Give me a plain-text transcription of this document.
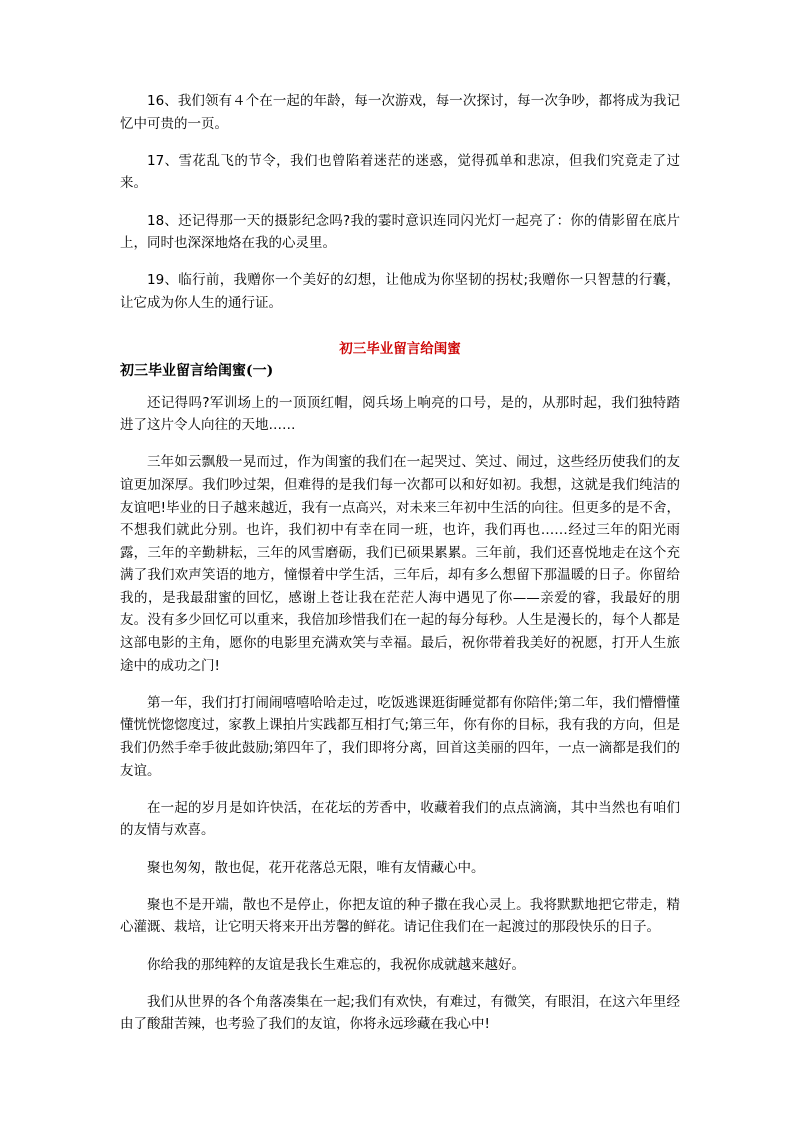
16、我们领有４个在一起的年龄，每一次游戏，每一次探讨，每一次争吵，都将成为我记忆中可贵的一页。

17、雪花乱飞的节令，我们也曾陷着迷茫的迷惑，觉得孤单和悲凉，但我们究竟走了过来。

18、还记得那一天的摄影纪念吗?我的霎时意识连同闪光灯一起亮了：你的倩影留在底片上，同时也深深地烙在我的心灵里。

19、临行前，我赠你一个美好的幻想，让他成为你坚韧的拐杖;我赠你一只智慧的行囊，让它成为你人生的通行证。

初三毕业留言给闺蜜
初三毕业留言给闺蜜(一)

还记得吗?军训场上的一顶顶红帽，阅兵场上响亮的口号，是的，从那时起，我们独特踏进了这片令人向往的天地……

三年如云飘般一晃而过，作为闺蜜的我们在一起哭过、笑过、闹过，这些经历使我们的友谊更加深厚。我们吵过架，但难得的是我们每一次都可以和好如初。我想，这就是我们纯洁的友谊吧!毕业的日子越来越近，我有一点高兴，对未来三年初中生活的向往。但更多的是不舍，不想我们就此分别。也许，我们初中有幸在同一班，也许，我们再也……经过三年的阳光雨露，三年的辛勤耕耘，三年的风雪磨砺，我们已硕果累累。三年前，我们还喜悦地走在这个充满了我们欢声笑语的地方，憧憬着中学生活，三年后，却有多么想留下那温暖的日子。你留给我的，是我最甜蜜的回忆，感谢上苍让我在茫茫人海中遇见了你——亲爱的睿，我最好的朋友。没有多少回忆可以重来，我倍加珍惜我们在一起的每分每秒。人生是漫长的，每个人都是这部电影的主角，愿你的电影里充满欢笑与幸福。最后，祝你带着我美好的祝愿，打开人生旅途中的成功之门!

第一年，我们打打闹闹嘻嘻哈哈走过，吃饭逃课逛街睡觉都有你陪伴;第二年，我们懵懵懂懂恍恍惚惚度过，家教上课拍片实践都互相打气;第三年，你有你的目标，我有我的方向，但是我们仍然手牵手彼此鼓励;第四年了，我们即将分离，回首这美丽的四年，一点一滴都是我们的友谊。

在一起的岁月是如许快活，在花坛的芳香中，收藏着我们的点点滴滴，其中当然也有咱们的友情与欢喜。

聚也匆匆，散也促，花开花落总无限，唯有友情藏心中。

聚也不是开端，散也不是停止，你把友谊的种子撒在我心灵上。我将默默地把它带走，精心灌溉、栽培，让它明天将来开出芳馨的鲜花。请记住我们在一起渡过的那段快乐的日子。

你给我的那纯粹的友谊是我长生难忘的，我祝你成就越来越好。

我们从世界的各个角落凑集在一起;我们有欢快，有难过，有微笑，有眼泪，在这六年里经由了酸甜苦辣，也考验了我们的友谊，你将永远珍藏在我心中!
